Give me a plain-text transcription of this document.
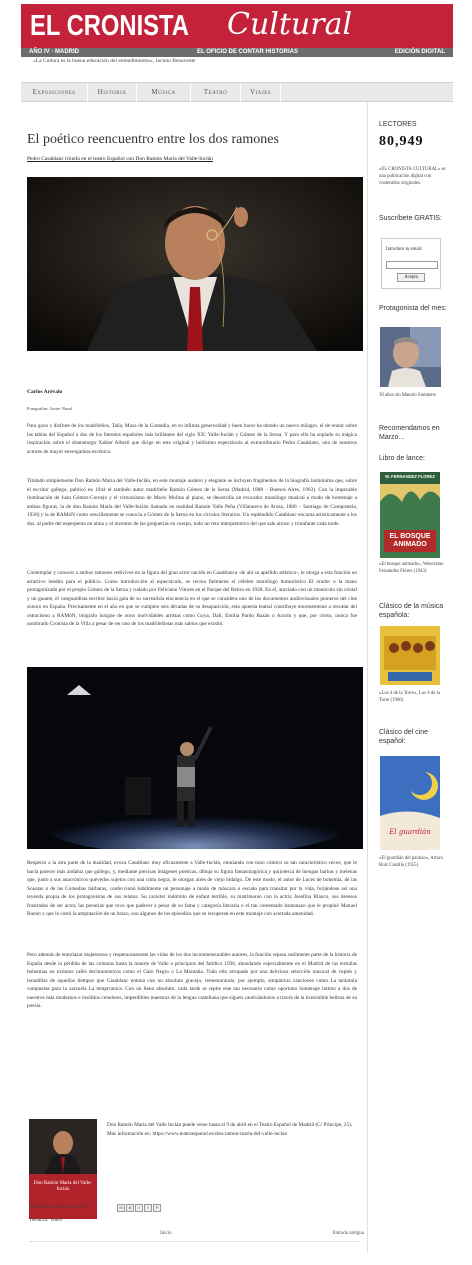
EL CRONISTA Cultural
AÑO IV · MADRID	EL OFICIO DE CONTAR HISTORIAS	EDICIÓN DIGITAL
«La Cultura es la buena educación del entendimiento», Jacinto Benavente
Exposiciones	Historia	Música	Teatro	Viajes
El poético reencuentro entre los dos ramones
Pedro Casablanc triunfa en el teatro Español con Don Ramón María del Valle-Inclán
Carlos Arévalo
Fotografías: Javier Naval

Para gozo y disfrute de los madrileños, Talía, Musa de la Comedia, en su infinita generosidad y buen hacer ha obrado un nuevo milagro, el de reunir sobre las tablas del Español a dos de los literatos españoles más brillantes del siglo XX: Valle-Inclán y Gómez de la Serna. Y para ello ha soplado su mágica inspiración sobre el dramaturgo Xabier Alberti que dirige en este original y bellísimo espectáculo al extraordinario Pedro Casablanc, uno de nuestros actores de mayor envergadura escénica.

Titulado simplemente Don Ramón María del Valle-Inclán, en este montaje austero y elegante se incluyen fragmentos de la biografía homónima que, sobre el escritor gallego, publicó en 1944 el también autor madrileño Ramón Gómez de la Serna (Madrid, 1888 – Buenos Aires, 1963). Con la impecable iluminación de Juan Gómez-Cornejo y el virtuosismo de Mario Molina al piano, se desarrolla un evocador monólogo musical a modo de homenaje a ambas figuras, la de don Ramón María del Valle-Inclán llamado en realidad Ramón Valle Peña (Villanueva de Arosa, 1866 – Santiago de Compostela, 1936) y la de RAMóN como sencillamente se conocía a Gómez de la Serna en los círculos literarios. Un espléndido Casablanc encarna artísticamente a los dos, al padre del esperpento en alma y al inventor de las greguerías en cuerpo, todo un reto interpretativo del que sale airoso y triunfante cada tarde.

Contemplar y conocer a ambos ramones redivivos en la figura del gran actor nacido en Casablanca -de ahí su apellido artístico-, le otorga a esta función un atractivo inédito para el público. Como introducción al espectáculo, se recrea fielmente el célebre monólogo humorístico El orador o la mano protagonizado por el propio Gómez de la Serna y rodado por Feliciano Vitores en el Parque del Retiro en 1928. En él, ataviado con un monóculo sin cristal y un guante, el vanguardista escritor hacía gala de su surrealista elocuencia en el que se considera uno de los documentos audiovisuales pioneros del cine sonoro en España. Precisamente en el año en que se cumplen seis décadas de su desaparición, esta apuesta teatral contribuye enormemente a rescatar del ostracismo a RAMóN, biógrafo insigne de otros inolvidables artistas como Goya, Dalí, Emilia Pardo Bazán o Azorín y que, por cierto, nunca fue nombrado Cronista de la Villa a pesar de ser uno de los madrileñistas más sabios que existió.

Respecto a la otra parte de la dualidad, evoca Casablanc muy eficazmente a Valle-Inclán, emulando con tono cómico su tan característico ceceo, que le hacía parecer más andaluz que gallego, y, mediante precisas imágenes poéticas, dibuja su figura fantasmagórica y quijotesca de luengas barbas y melenas que, junto a sus anacrónicos quevedos sujetos con una cinta negra, le otorgan aires de viejo hidalgo. De este modo, el autor de Luces de bohemia, de las Sonatas o de las Comedias bárbaras, confeccionó hábilmente un personaje a modo de máscara o escudo para transitar por la vida, forjándose así una leyenda propia de los protagonistas de sus relatos. Su carácter indómito de enfant terrible, su matrimonio con la actriz Josefina Blanco, sus desesos frustrados de ser actor, las penurias que tuvo que padecer a pesar de su fama y categoría literaria o el tan comentado bastonazo que le propinó Manuel Bueno y que le costó la amputación de un brazo, son algunos de los episodios que se recuperan en este montaje con acertada amenidad.

Pero además de entrelazar majestuosa y respetuosamente las vidas de los dos inconmensurables autores, la función repasa sutilmente parte de la historia de España desde la pérdida de las colonias hasta la muerte de Valle a principios del fatídico 1936, ahondando especialmente en el Madrid de las tertulias bohemias en extintos cafés decimonónicos como el Gato Negro o La Montaña. Todo ello arropado por una deliciosa selección musical de cuplés y tonadillas de aquellos tiempos que Casablanc entona con un absoluto gracejo, rememorando, por ejemplo, simpáticas canciones como La tarántula compuesta para la zarzuela La temprranica. Con un lleno absoluto, cada tarde se repite este tan necesario como oportuno homenaje íntimo a dos de nuestros más modernos e insólitos creadores, imperdibles maestros de la lengua castellana que siguen cautivándonos a través de la irresistible belleza de su poesía.

Don Ramón María del Valle-Inclán
Don Ramón María del Valle Inclán puede verse hasta el 9 de abril en el Teatro Español de Madrid (C/ Príncipe, 25). Más información en: https://www.teatroespanol.es/don-ramon-maria-del-valle-inclan
publicado en marzo 08, 2023	M B t f P
Temática: Teatro
Inicio	Entrada antigua
LECTORES
80,949
«EL CRONISTA CULTURAL» es una publicación digital con contenidos originales.
Suscríbete GRATIS:
Introduce tu email:
Acepta
Protagonista del mes:
30 años sin Manolo Summers
Recomendamos en Marzo...
Libro de lance:
W. FERNANDEZ FLOREZ
EL BOSQUE ANIMADO
«El bosque animado», Wenceslao Fernández Flórez (1943)
Clásico de la música española:
«Los 4 de la Torre», Los 4 de la Torre (1966)
Clásico del cine español:
El guardián
«El guardián del paraíso», Arturo Ruiz Castillo (1955)
